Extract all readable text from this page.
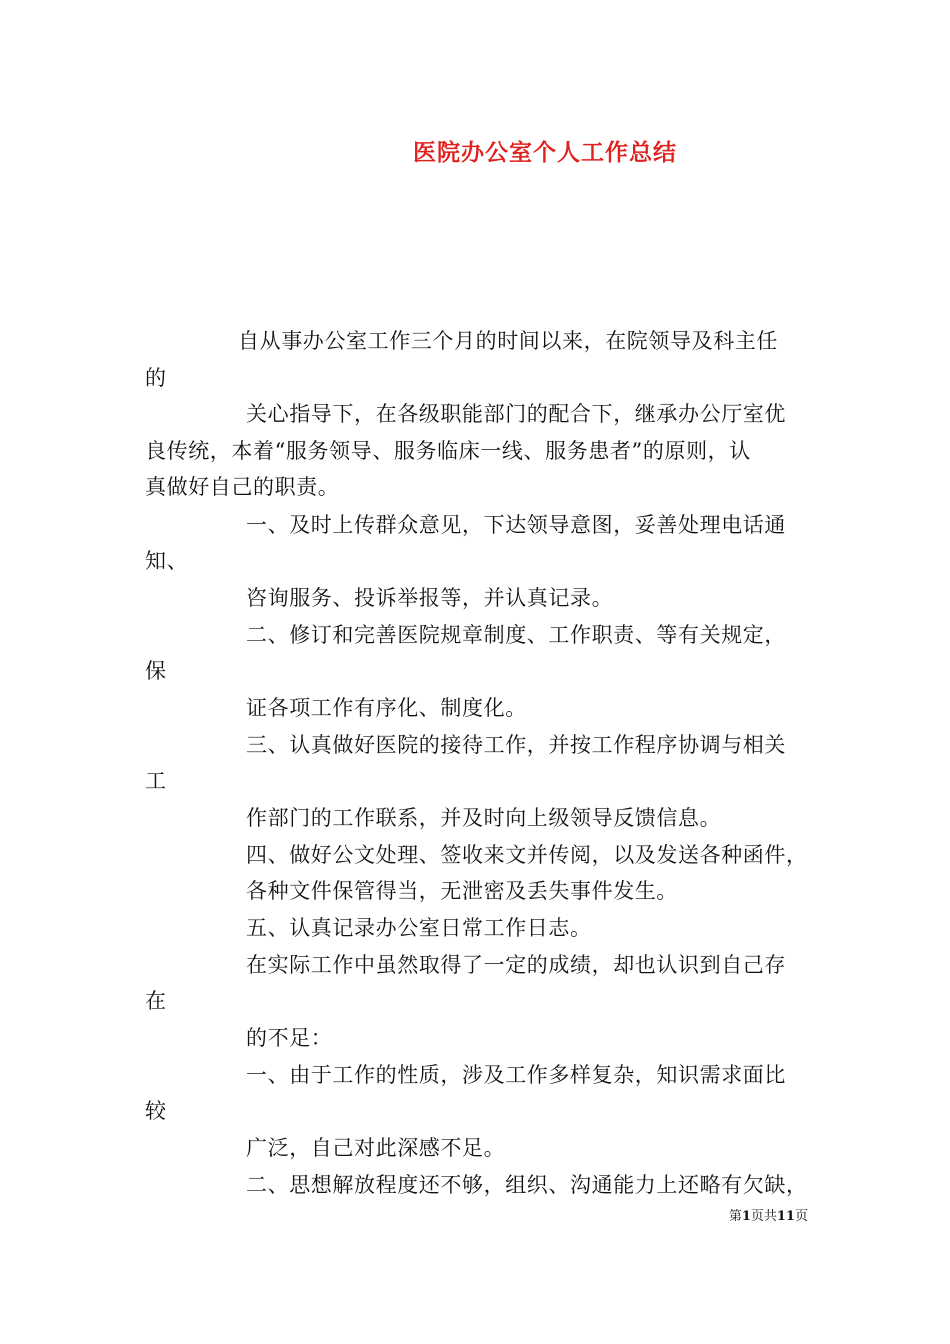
医院办公室个人工作总结
自从事办公室工作三个月的时间以来，在院领导及科主任
的
关心指导下，在各级职能部门的配合下，继承办公厅室优
良传统，本着“服务领导、服务临床一线、服务患者”的原则，认
真做好自己的职责。
一、及时上传群众意见，下达领导意图，妥善处理电话通
知、
咨询服务、投诉举报等，并认真记录。
二、修订和完善医院规章制度、工作职责、等有关规定，
保
证各项工作有序化、制度化。
三、认真做好医院的接待工作，并按工作程序协调与相关
工
作部门的工作联系，并及时向上级领导反馈信息。
四、做好公文处理、签收来文并传阅，以及发送各种函件，
各种文件保管得当，无泄密及丢失事件发生。
五、认真记录办公室日常工作日志。
在实际工作中虽然取得了一定的成绩，却也认识到自己存
在
的不足：
一、由于工作的性质，涉及工作多样复杂，知识需求面比
较
广泛，自己对此深感不足。
二、思想解放程度还不够，组织、沟通能力上还略有欠缺，
第1页共11页
